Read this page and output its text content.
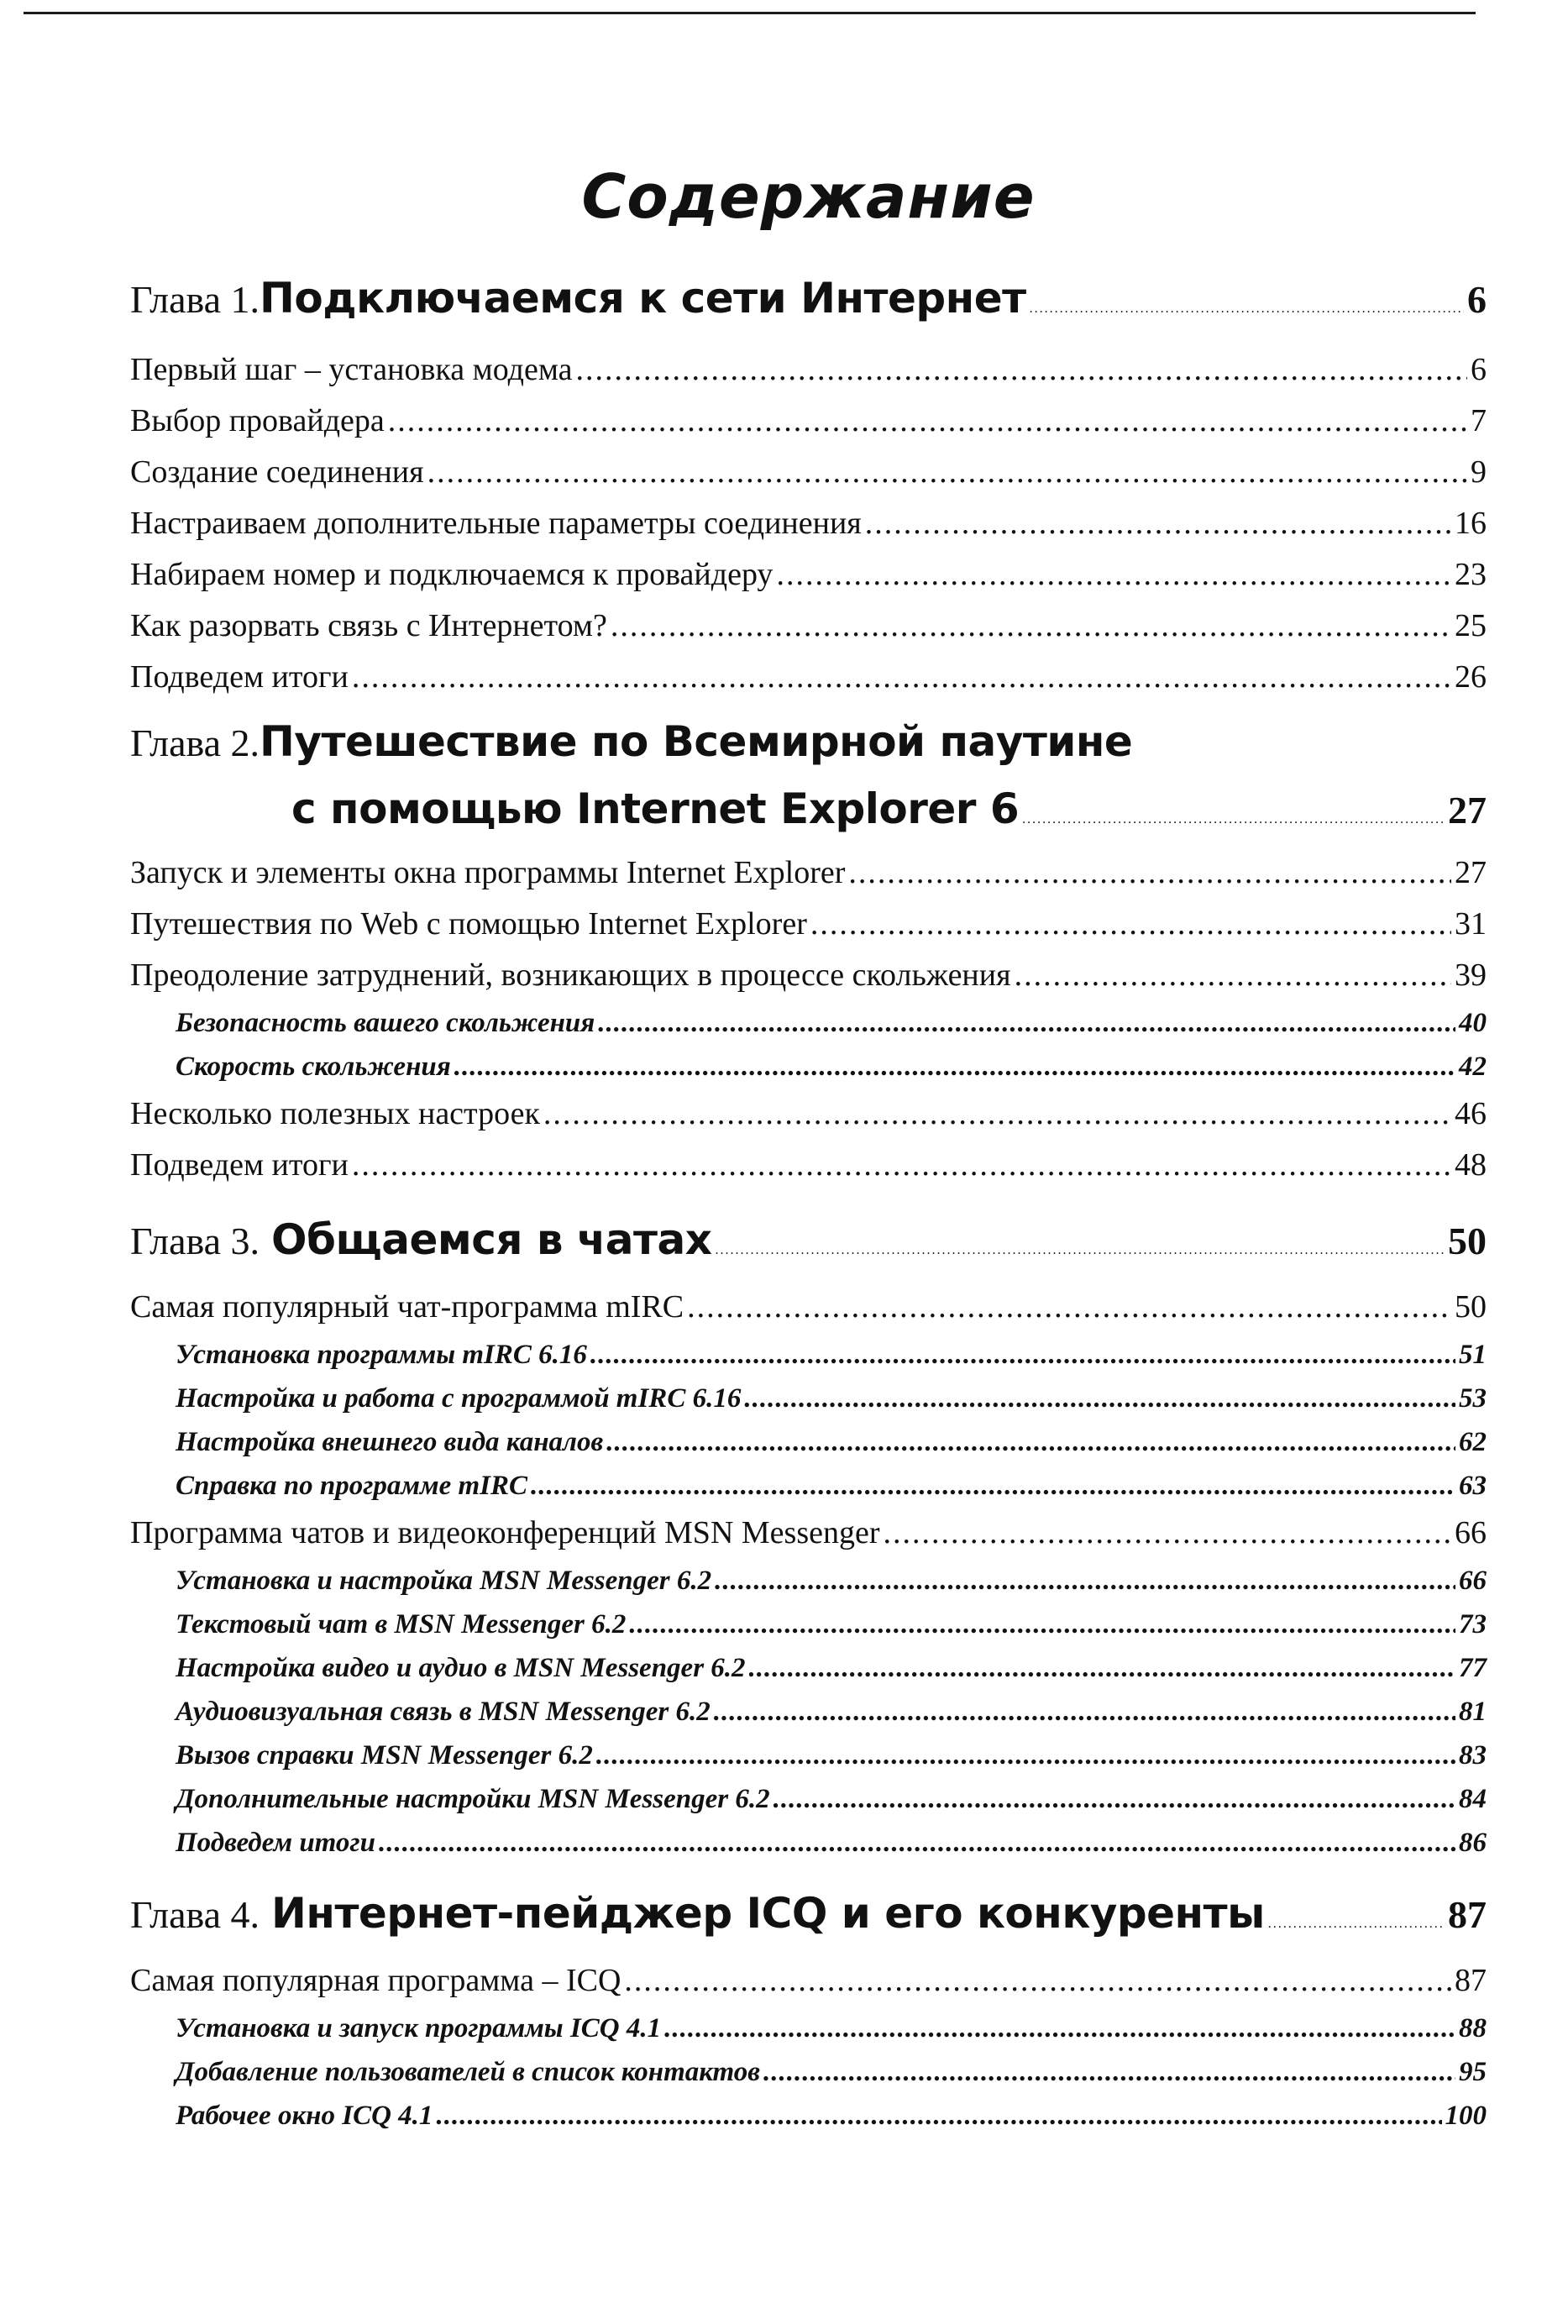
Содержание
Глава 1. Подключаемся к сети Интернет .....	6
Первый шаг – установка модема .....	6
Выбор провайдера .....	7
Создание соединения .....	9
Настраиваем дополнительные параметры соединения .....	16
Набираем номер и подключаемся к провайдеру .....	23
Как разорвать связь с Интернетом? .....	25
Подведем итоги .....	26
Глава 2. Путешествие по Всемирной паутине
с помощью Internet Explorer 6 .....	27
Запуск и элементы окна программы Internet Explorer .....	27
Путешествия по Web с помощью Internet Explorer .....	31
Преодоление затруднений, возникающих в процессе скольжения .....	39
Безопасность вашего скольжения .....	40
Скорость скольжения .....	42
Несколько полезных настроек .....	46
Подведем итоги .....	48
Глава 3. Общаемся в чатах .....	50
Самая популярный чат-программа mIRC .....	50
Установка программы mIRC 6.16 .....	51
Настройка и работа с программой mIRC 6.16 .....	53
Настройка внешнего вида каналов .....	62
Справка по программе mIRC .....	63
Программа чатов и видеоконференций MSN Messenger .....	66
Установка и настройка MSN Messenger 6.2 .....	66
Текстовый чат в MSN Messenger 6.2 .....	73
Настройка видео и аудио в MSN Messenger 6.2 .....	77
Аудиовизуальная связь в MSN Messenger 6.2 .....	81
Вызов справки MSN Messenger 6.2 .....	83
Дополнительные настройки MSN Messenger 6.2 .....	84
Подведем итоги .....	86
Глава 4. Интернет-пейджер ICQ и его конкуренты .....	87
Самая популярная программа – ICQ .....	87
Установка и запуск программы ICQ 4.1 .....	88
Добавление пользователей в список контактов .....	95
Рабочее окно ICQ 4.1 .....	100
